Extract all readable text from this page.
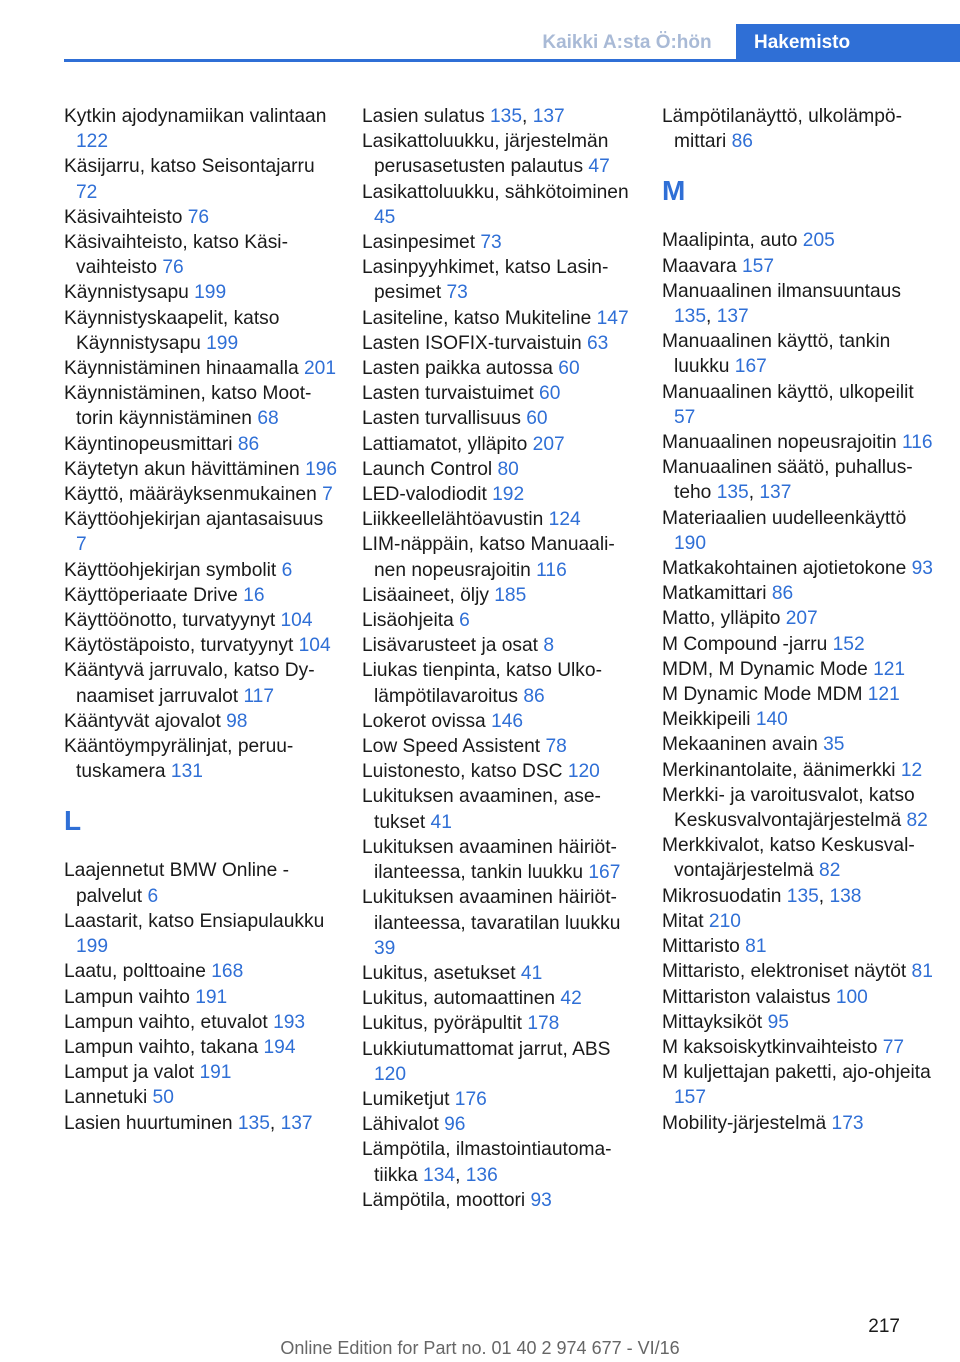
Kaikki A:sta Ö:hön	Hakemisto

Kytkin ajodynamiikan valintaan 122

Käsijarru, katso Seisontajarru 72

Käsivaihteisto 76

Käsivaihteisto, katso Käsivaihteisto 76

Käynnistysapu 199

Käynnistyskaapelit, katso Käynnistysapu 199

Käynnistäminen hinaamalla 201

Käynnistäminen, katso Moottorin käynnistäminen 68

Käyntinopeusmittari 86

Käytetyn akun hävittäminen 196

Käyttö, määräyksenmukainen 7

Käyttöohjekirjan ajantasaisuus 7

Käyttöohjekirjan symbolit 6

Käyttöperiaate Drive 16

Käyttöönotto, turvatyynyt 104

Käytöstäpoisto, turvatyynyt 104

Kääntyvä jarruvalo, katso Dynaamiset jarruvalot 117

Kääntyvät ajovalot 98

Kääntöympyrälinjat, peruutuskamera 131

L

Laajennetut BMW Online -palvelut 6

Laastarit, katso Ensiapulaukku 199

Laatu, polttoaine 168

Lampun vaihto 191

Lampun vaihto, etuvalot 193

Lampun vaihto, takana 194

Lamput ja valot 191

Lannetuki 50

Lasien huurtuminen 135, 137

Lasien sulatus 135, 137

Lasikattoluukku, järjestelmän perusasetusten palautus 47

Lasikattoluukku, sähkötoiminen 45

Lasinpesimet 73

Lasinpyyhkimet, katso Lasinpesimet 73

Lasiteline, katso Mukiteline 147

Lasten ISOFIX-turvaistuin 63

Lasten paikka autossa 60

Lasten turvaistuimet 60

Lasten turvallisuus 60

Lattiamatot, ylläpito 207

Launch Control 80

LED-valodiodit 192

Liikkeellelähtöavustin 124

LIM-näppäin, katso Manuaalinen nopeusrajoitin 116

Lisäaineet, öljy 185

Lisäohjeita 6

Lisävarusteet ja osat 8

Liukas tienpinta, katso Ulkolämpötilavaroitus 86

Lokerot ovissa 146

Low Speed Assistent 78

Luistonesto, katso DSC 120

Lukituksen avaaminen, asetukset 41

Lukituksen avaaminen häiriötilanteessa, tankin luukku 167

Lukituksen avaaminen häiriötilanteessa, tavaratilan luukku 39

Lukitus, asetukset 41

Lukitus, automaattinen 42

Lukitus, pyöräpultit 178

Lukkiutumattomat jarrut, ABS 120

Lumiketjut 176

Lähivalot 96

Lämpötila, ilmastointiautomatiikka 134, 136

Lämpötila, moottori 93

Lämpötilanäyttö, ulkolämpömittari 86

M

Maalipinta, auto 205

Maavara 157

Manuaalinen ilmansuuntaus 135, 137

Manuaalinen käyttö, tankin luukku 167

Manuaalinen käyttö, ulkopeilit 57

Manuaalinen nopeusrajoitin 116

Manuaalinen säätö, puhallusteho 135, 137

Materiaalien uudelleenkäyttö 190

Matkakohtainen ajotietokone 93

Matkamittari 86

Matto, ylläpito 207

M Compound -jarru 152

MDM, M Dynamic Mode 121

M Dynamic Mode MDM 121

Meikkipeili 140

Mekaaninen avain 35

Merkinantolaite, äänimerkki 12

Merkki- ja varoitusvalot, katso Keskusvalvontajärjestelmä 82

Merkkivalot, katso Keskusvalvontajärjestelmä 82

Mikrosuodatin 135, 138

Mitat 210

Mittaristo 81

Mittaristo, elektroniset näytöt 81

Mittariston valaistus 100

Mittayksiköt 95

M kaksoiskytkinvaihteisto 77

M kuljettajan paketti, ajo-ohjeita 157

Mobility-järjestelmä 173

217
Online Edition for Part no. 01 40 2 974 677 - VI/16
